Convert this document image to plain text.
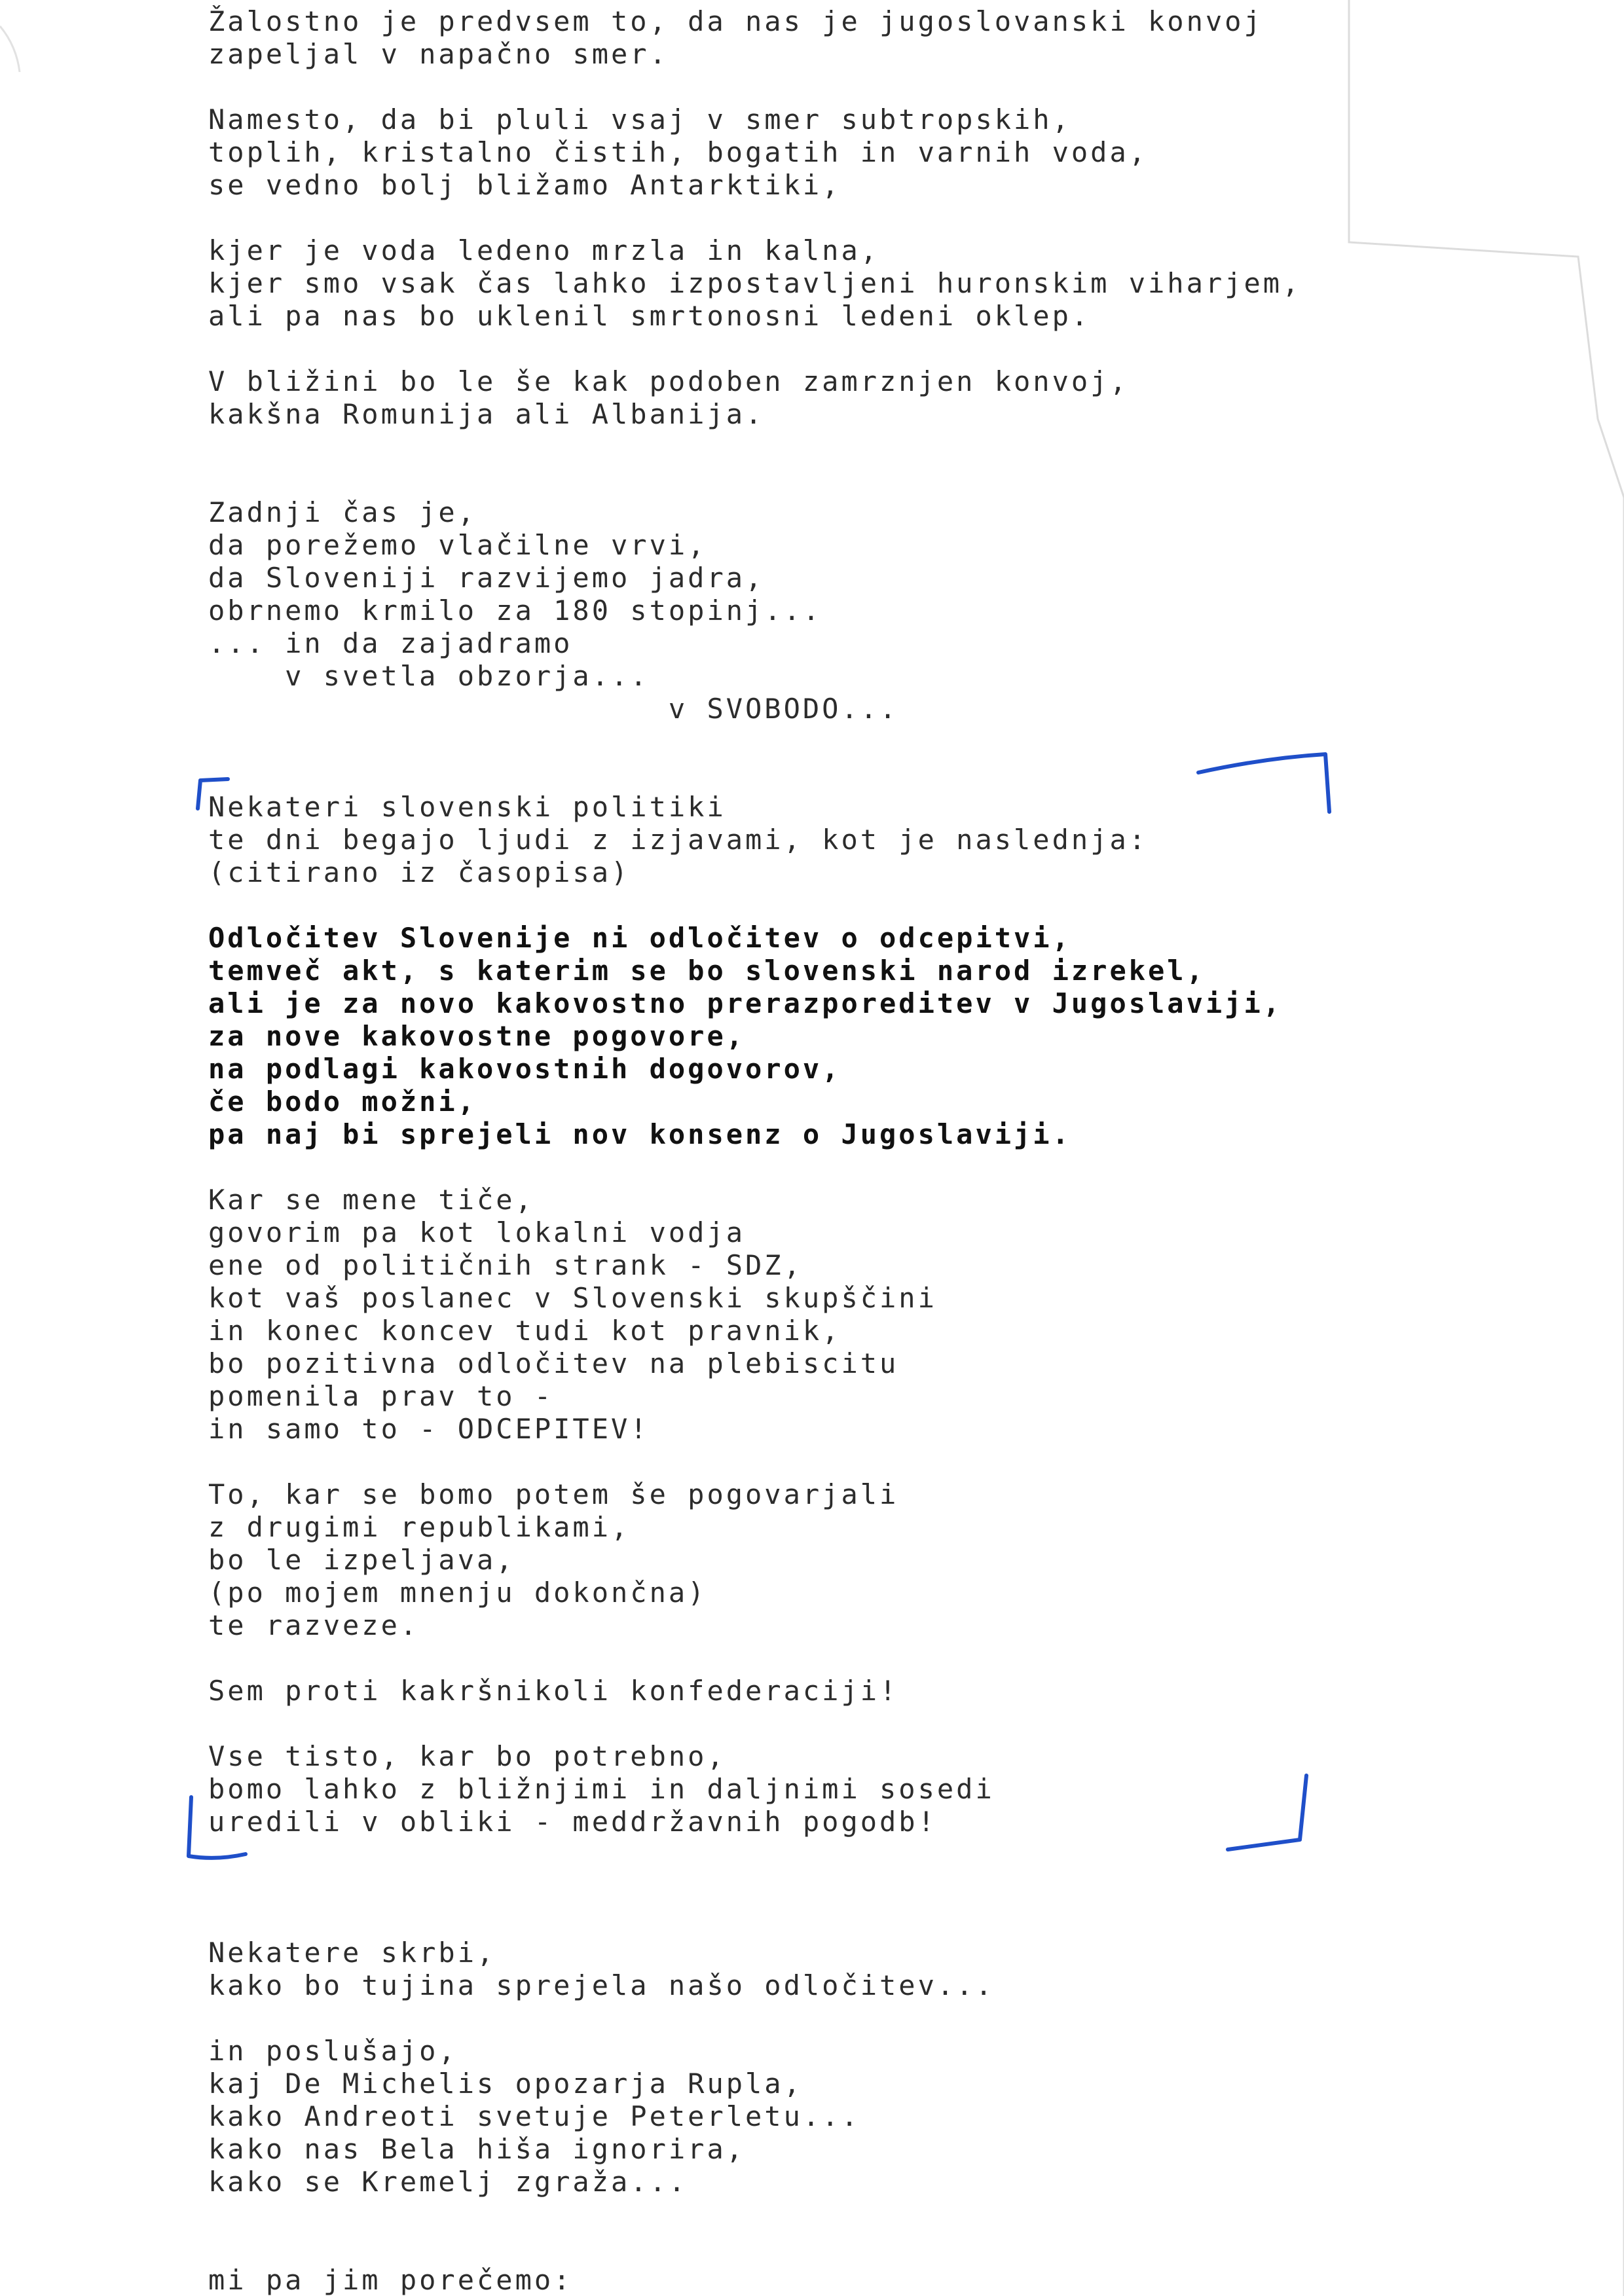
Žalostno je predvsem to, da nas je jugoslovanski konvoj
zapeljal v napačno smer.
Namesto, da bi pluli vsaj v smer subtropskih,
toplih, kristalno čistih, bogatih in varnih voda,
se vedno bolj bližamo Antarktiki,
kjer je voda ledeno mrzla in kalna,
kjer smo vsak čas lahko izpostavljeni huronskim viharjem,
ali pa nas bo uklenil smrtonosni ledeni oklep.
V bližini bo le še kak podoben zamrznjen konvoj,
kakšna Romunija ali Albanija.
Zadnji čas je,
da porežemo vlačilne vrvi,
da Sloveniji razvijemo jadra,
obrnemo krmilo za 180 stopinj...
... in da zajadramo
v svetla obzorja...
v SVOBODO...
Nekateri slovenski politiki
te dni begajo ljudi z izjavami, kot je naslednja:
(citirano iz časopisa)
Odločitev Slovenije ni odločitev o odcepitvi,
temveč akt, s katerim se bo slovenski narod izrekel,
ali je za novo kakovostno prerazporeditev v Jugoslaviji,
za nove kakovostne pogovore,
na podlagi kakovostnih dogovorov,
če bodo možni,
pa naj bi sprejeli nov konsenz o Jugoslaviji.
Kar se mene tiče,
govorim pa kot lokalni vodja
ene od političnih strank - SDZ,
kot vaš poslanec v Slovenski skupščini
in konec koncev tudi kot pravnik,
bo pozitivna odločitev na plebiscitu
pomenila prav to -
in samo to - ODCEPITEV!
To, kar se bomo potem še pogovarjali
z drugimi republikami,
bo le izpeljava,
(po mojem mnenju dokončna)
te razveze.
Sem proti kakršnikoli konfederaciji!
Vse tisto, kar bo potrebno,
bomo lahko z bližnjimi in daljnimi sosedi
uredili v obliki - meddržavnih pogodb!
Nekatere skrbi,
kako bo tujina sprejela našo odločitev...
in poslušajo,
kaj De Michelis opozarja Rupla,
kako Andreoti svetuje Peterletu...
kako nas Bela hiša ignorira,
kako se Kremelj zgraža...
mi pa jim porečemo:
